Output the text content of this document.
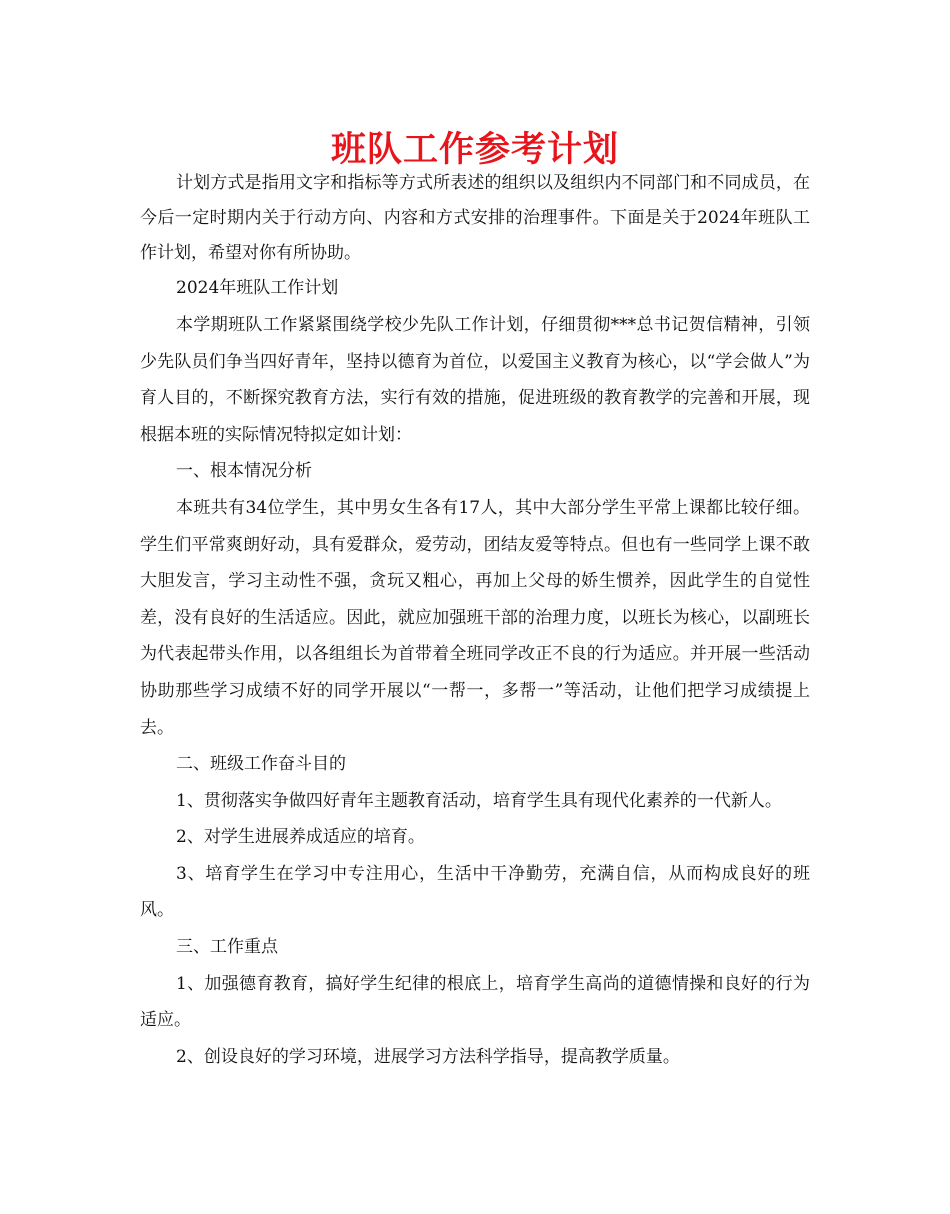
班队工作参考计划

计划方式是指用文字和指标等方式所表述的组织以及组织内不同部门和不同成员，在今后一定时期内关于行动方向、内容和方式安排的治理事件。下面是关于2024年班队工作计划，希望对你有所协助。

2024年班队工作计划

本学期班队工作紧紧围绕学校少先队工作计划，仔细贯彻***总书记贺信精神，引领少先队员们争当四好青年，坚持以德育为首位，以爱国主义教育为核心，以“学会做人”为育人目的，不断探究教育方法，实行有效的措施，促进班级的教育教学的完善和开展，现根据本班的实际情况特拟定如计划：

一、根本情况分析

本班共有34位学生，其中男女生各有17人，其中大部分学生平常上课都比较仔细。学生们平常爽朗好动，具有爱群众，爱劳动，团结友爱等特点。但也有一些同学上课不敢大胆发言，学习主动性不强，贪玩又粗心，再加上父母的娇生惯养，因此学生的自觉性差，没有良好的生活适应。因此，就应加强班干部的治理力度，以班长为核心，以副班长为代表起带头作用，以各组组长为首带着全班同学改正不良的行为适应。并开展一些活动协助那些学习成绩不好的同学开展以“一帮一，多帮一”等活动，让他们把学习成绩提上去。

二、班级工作奋斗目的

1、贯彻落实争做四好青年主题教育活动，培育学生具有现代化素养的一代新人。

2、对学生进展养成适应的培育。

3、培育学生在学习中专注用心，生活中干净勤劳，充满自信，从而构成良好的班风。

三、工作重点

1、加强德育教育，搞好学生纪律的根底上，培育学生高尚的道德情操和良好的行为适应。

2、创设良好的学习环境，进展学习方法科学指导，提高教学质量。
